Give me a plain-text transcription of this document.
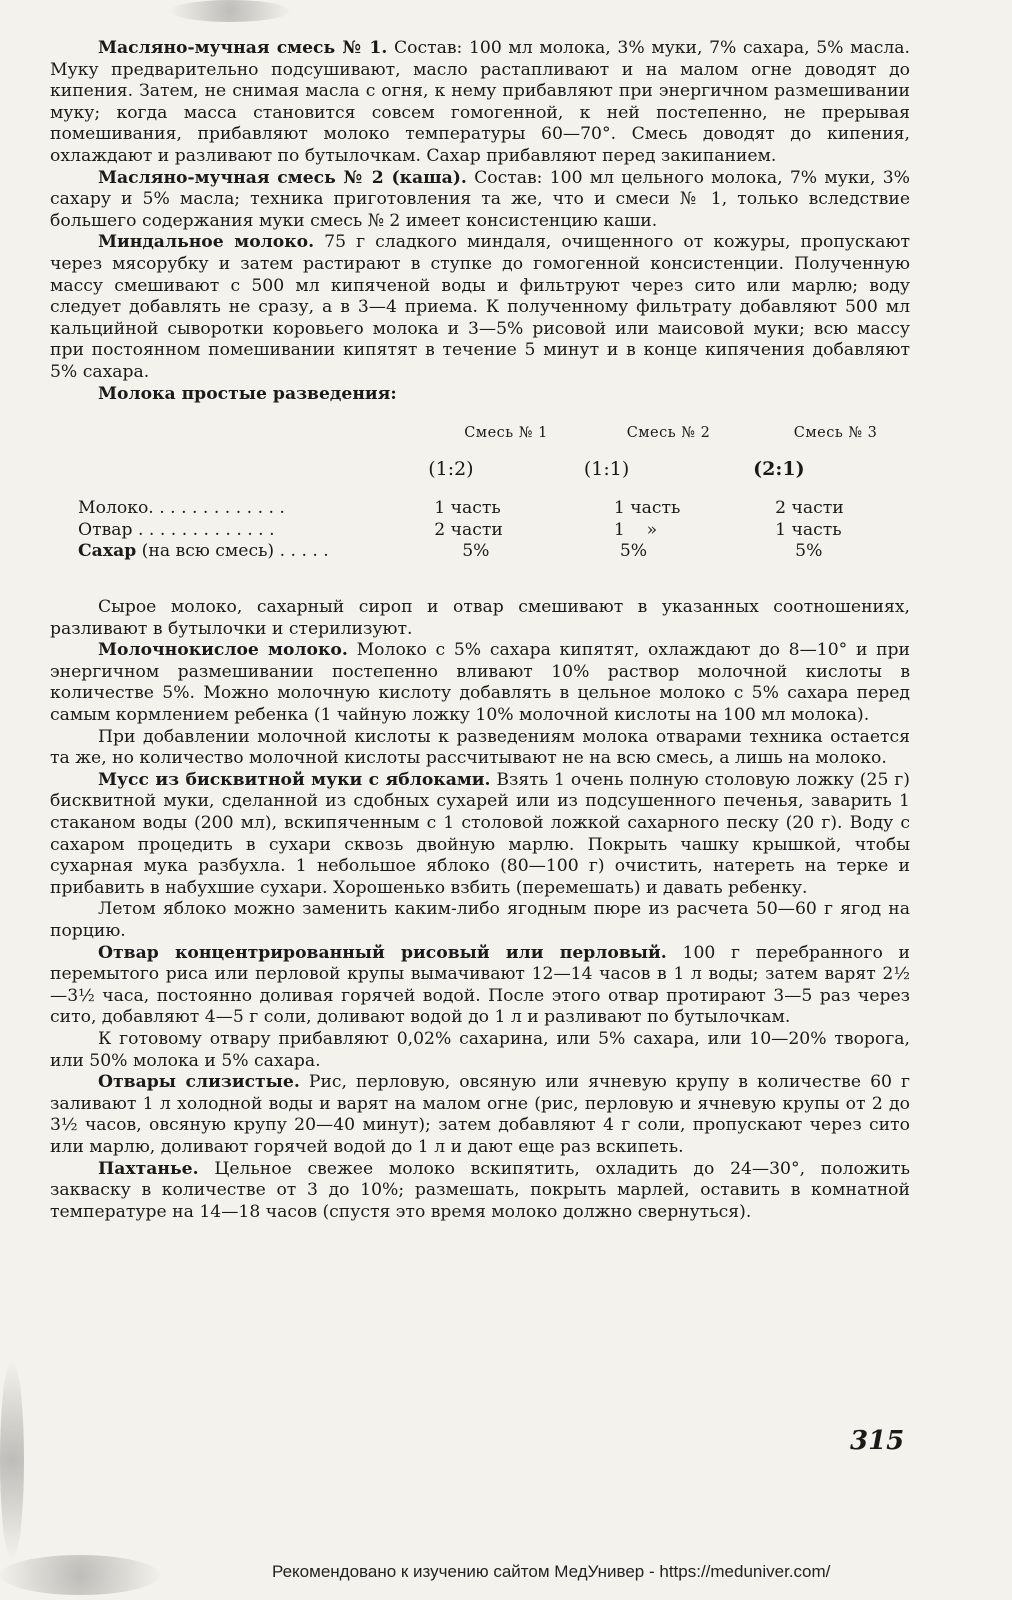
Масляно-мучная смесь № 1. Состав: 100 мл молока, 3% муки, 7% сахара, 5% масла. Муку предварительно подсушивают, масло растапливают и на малом огне доводят до кипения. Затем, не снимая масла с огня, к нему прибавляют при энергичном размешивании муку; когда масса становится совсем гомогенной, к ней постепенно, не прерывая помешивания, прибавляют молоко температуры 60—70°. Смесь доводят до кипения, охлаждают и разливают по бутылочкам. Сахар прибавляют перед закипанием.

Масляно-мучная смесь № 2 (каша). Состав: 100 мл цельного молока, 7% муки, 3% сахару и 5% масла; техника приготовления та же, что и смеси № 1, только вследствие большего содержания муки смесь № 2 имеет консистенцию каши.

Миндальное молоко. 75 г сладкого миндаля, очищенного от кожуры, пропускают через мясорубку и затем растирают в ступке до гомогенной консистенции. Полученную массу смешивают с 500 мл кипяченой воды и фильтруют через сито или марлю; воду следует добавлять не сразу, а в 3—4 приема. К полученному фильтрату добавляют 500 мл кальцийной сыворотки коровьего молока и 3—5% рисовой или маисовой муки; всю массу при постоянном помешивании кипятят в течение 5 минут и в конце кипячения добавляют 5% сахара.

Молока простые разведения:

	Смесь № 1	Смесь № 2	Смесь № 3
	(1:2)	(1:1)	(2:1)
Молоко. . . . . . . . . . . . .	1 часть	1 часть	2 части
Отвар . . . . . . . . . . . . .	2 части	1    »	1 часть
Сахар (на всю смесь) . . . . .	5%	5%	5%

Сырое молоко, сахарный сироп и отвар смешивают в указанных соотношениях, разливают в бутылочки и стерилизуют.

Молочнокислое молоко. Молоко с 5% сахара кипятят, охлаждают до 8—10° и при энергичном размешивании постепенно вливают 10% раствор молочной кислоты в количестве 5%. Можно молочную кислоту добавлять в цельное молоко с 5% сахара перед самым кормлением ребенка (1 чайную ложку 10% молочной кислоты на 100 мл молока).

При добавлении молочной кислоты к разведениям молока отварами техника остается та же, но количество молочной кислоты рассчитывают не на всю смесь, а лишь на молоко.

Мусс из бисквитной муки с яблоками. Взять 1 очень полную столовую ложку (25 г) бисквитной муки, сделанной из сдобных сухарей или из подсушенного печенья, заварить 1 стаканом воды (200 мл), вскипяченным с 1 столовой ложкой сахарного песку (20 г). Воду с сахаром процедить в сухари сквозь двойную марлю. Покрыть чашку крышкой, чтобы сухарная мука разбухла. 1 небольшое яблоко (80—100 г) очистить, натереть на терке и прибавить в набухшие сухари. Хорошенько взбить (перемешать) и давать ребенку.

Летом яблоко можно заменить каким-либо ягодным пюре из расчета 50—60 г ягод на порцию.

Отвар концентрированный рисовый или перловый. 100 г перебранного и перемытого риса или перловой крупы вымачивают 12—14 часов в 1 л воды; затем варят 2½—3½ часа, постоянно доливая горячей водой. После этого отвар протирают 3—5 раз через сито, добавляют 4—5 г соли, доливают водой до 1 л и разливают по бутылочкам.

К готовому отвару прибавляют 0,02% сахарина, или 5% сахара, или 10—20% творога, или 50% молока и 5% сахара.

Отвары слизистые. Рис, перловую, овсяную или ячневую крупу в количестве 60 г заливают 1 л холодной воды и варят на малом огне (рис, перловую и ячневую крупы от 2 до 3½ часов, овсяную крупу 20—40 минут); затем добавляют 4 г соли, пропускают через сито или марлю, доливают горячей водой до 1 л и дают еще раз вскипеть.

Пахтанье. Цельное свежее молоко вскипятить, охладить до 24—30°, положить закваску в количестве от 3 до 10%; размешать, покрыть марлей, оставить в комнатной температуре на 14—18 часов (спустя это время молоко должно свернуться).

315
Рекомендовано к изучению сайтом МедУнивер - https://meduniver.com/
